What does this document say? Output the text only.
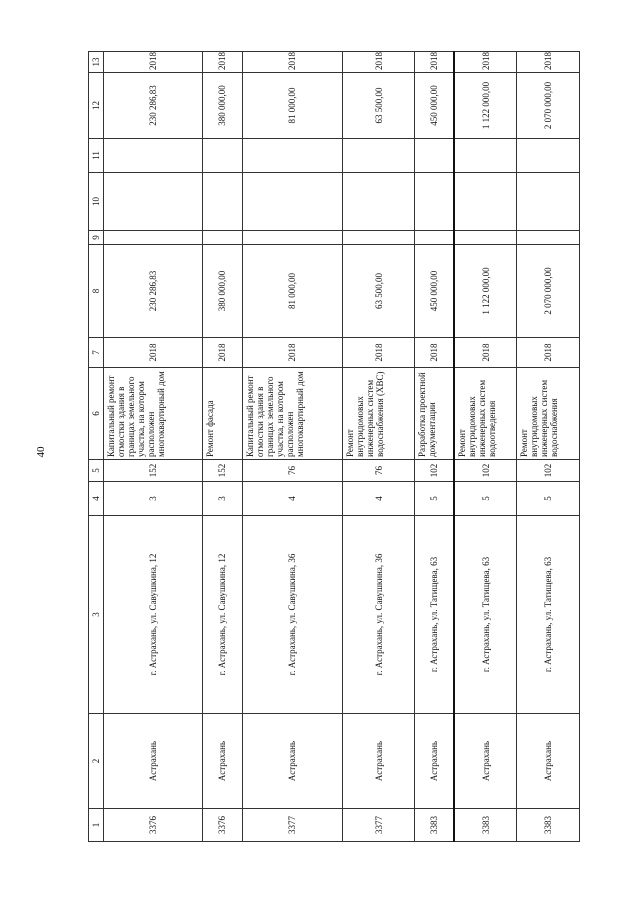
40
1	2	3	4	5	6	7	8	9	10	11	12	13
3376	Астрахань	г. Астрахань, ул. Савушкина, 12	3	152	Капитальный ремонт отмостки здания в границах земельного участка, на котором расположен многоквартирный дом	2018	230 286,83				230 286,83	2018
3376	Астрахань	г. Астрахань, ул. Савушкина, 12	3	152	Ремонт фасада	2018	380 000,00				380 000,00	2018
3377	Астрахань	г. Астрахань, ул. Савушкина, 36	4	76	Капитальный ремонт отмостки здания в границах земельного участка, на котором расположен многоквартирный дом	2018	81 000,00				81 000,00	2018
3377	Астрахань	г. Астрахань, ул. Савушкина, 36	4	76	Ремонт внутридомовых инженерных систем водоснабжения (ХВС)	2018	63 500,00				63 500,00	2018
3383	Астрахань	г. Астрахань, ул. Татищева, 63	5	102	Разработка проектной документации	2018	450 000,00				450 000,00	2018
3383	Астрахань	г. Астрахань, ул. Татищева, 63	5	102	Ремонт внутридомовых инженерных систем водоотведения	2018	1 122 000,00				1 122 000,00	2018
3383	Астрахань	г. Астрахань, ул. Татищева, 63	5	102	Ремонт внутридомовых инженерных систем водоснабжения	2018	2 070 000,00				2 070 000,00	2018
